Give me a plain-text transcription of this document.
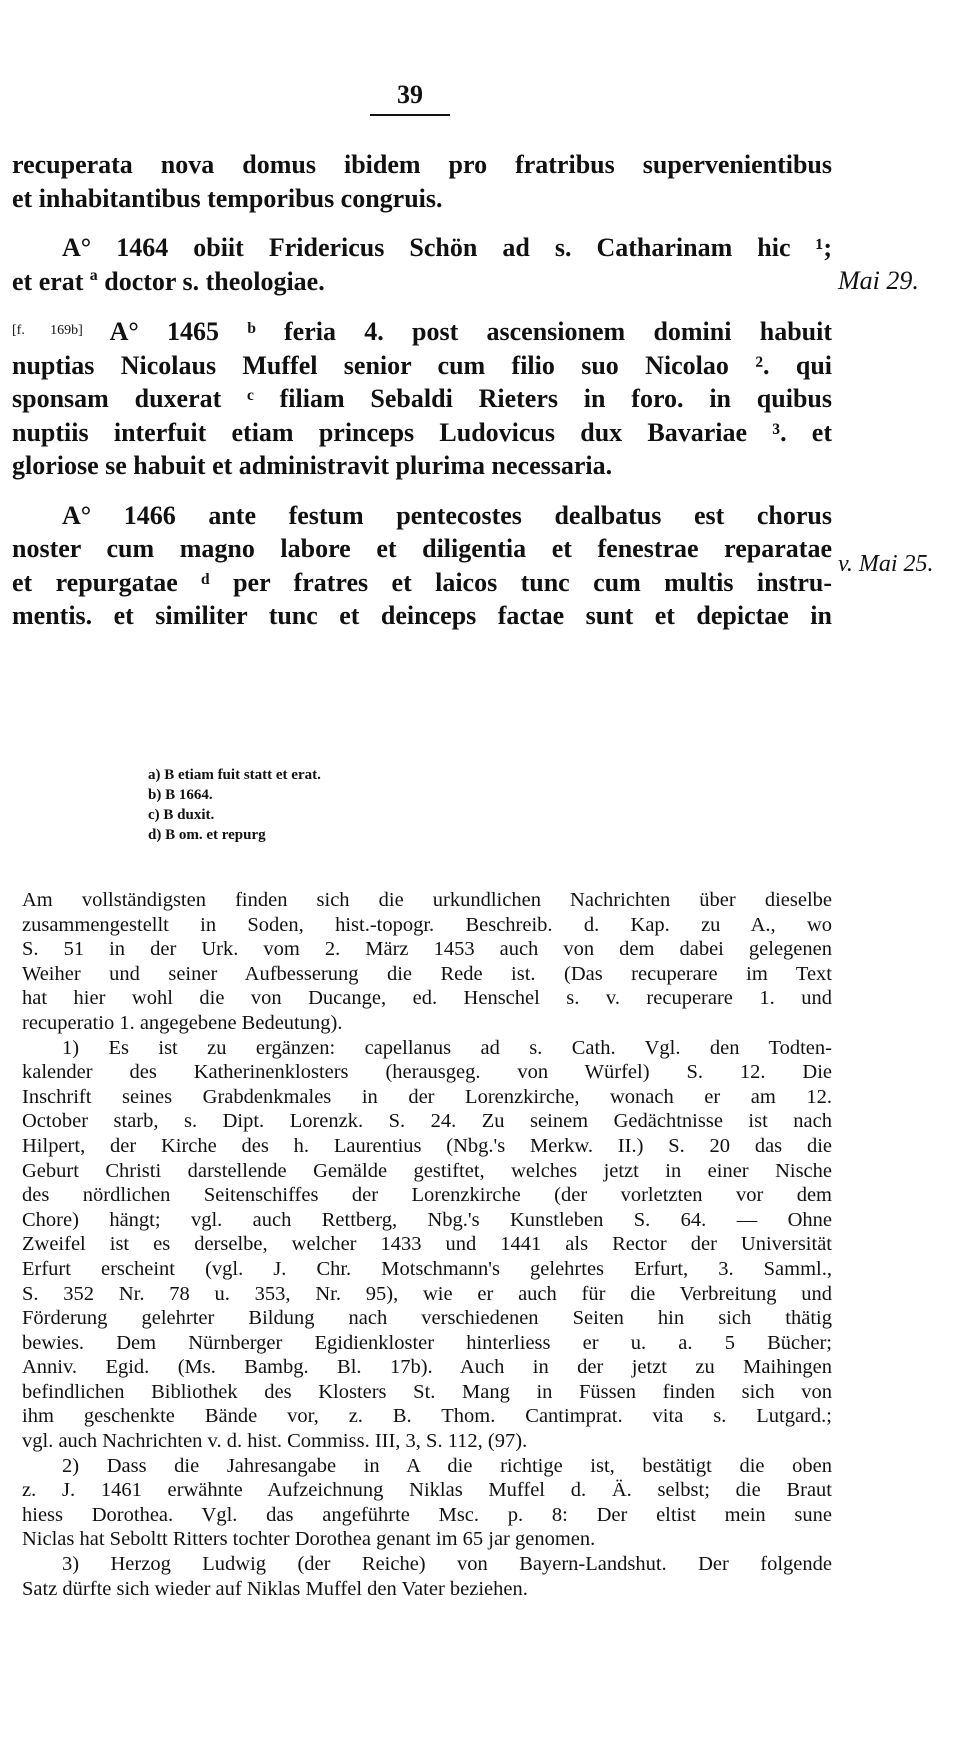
39
recuperata nova domus ibidem pro fratribus supervenientibus
et inhabitantibus temporibus congruis.
A° 1464 obiit Fridericus Schön ad s. Catharinam hic ¹;
et erat ª doctor s. theologiae.
[f. 169b] A° 1465 ᵇ feria 4. post ascensionem domini habuit
nuptias Nicolaus Muffel senior cum filio suo Nicolao ². qui
sponsam duxerat ᶜ filiam Sebaldi Rieters in foro. in quibus
nuptiis interfuit etiam princeps Ludovicus dux Bavariae ³. et
gloriose se habuit et administravit plurima necessaria.
A° 1466 ante festum pentecostes dealbatus est chorus
noster cum magno labore et diligentia et fenestrae reparatae
et repurgatae ᵈ per fratres et laicos tunc cum multis instru-
mentis. et similiter tunc et deinceps factae sunt et depictae in
Mai 29.
v. Mai 25.
a) B etiam fuit statt et erat.
b) B 1664.
c) B duxit.
d) B om. et repurg
Am vollständigsten finden sich die urkundlichen Nachrichten über dieselbe
zusammengestellt in Soden, hist.-topogr. Beschreib. d. Kap. zu A., wo
S. 51 in der Urk. vom 2. März 1453 auch von dem dabei gelegenen
Weiher und seiner Aufbesserung die Rede ist. (Das recuperare im Text
hat hier wohl die von Ducange, ed. Henschel s. v. recuperare 1. und
recuperatio 1. angegebene Bedeutung).
1) Es ist zu ergänzen: capellanus ad s. Cath. Vgl. den Todten-
kalender des Katherinenklosters (herausgeg. von Würfel) S. 12. Die
Inschrift seines Grabdenkmales in der Lorenzkirche, wonach er am 12.
October starb, s. Dipt. Lorenzk. S. 24. Zu seinem Gedächtnisse ist nach
Hilpert, der Kirche des h. Laurentius (Nbg.'s Merkw. II.) S. 20 das die
Geburt Christi darstellende Gemälde gestiftet, welches jetzt in einer Nische
des nördlichen Seitenschiffes der Lorenzkirche (der vorletzten vor dem
Chore) hängt; vgl. auch Rettberg, Nbg.'s Kunstleben S. 64. — Ohne
Zweifel ist es derselbe, welcher 1433 und 1441 als Rector der Universität
Erfurt erscheint (vgl. J. Chr. Motschmann's gelehrtes Erfurt, 3. Samml.,
S. 352 Nr. 78 u. 353, Nr. 95), wie er auch für die Verbreitung und
Förderung gelehrter Bildung nach verschiedenen Seiten hin sich thätig
bewies. Dem Nürnberger Egidienkloster hinterliess er u. a. 5 Bücher;
Anniv. Egid. (Ms. Bambg. Bl. 17b). Auch in der jetzt zu Maihingen
befindlichen Bibliothek des Klosters St. Mang in Füssen finden sich von
ihm geschenkte Bände vor, z. B. Thom. Cantimprat. vita s. Lutgard.;
vgl. auch Nachrichten v. d. hist. Commiss. III, 3, S. 112, (97).
2) Dass die Jahresangabe in A die richtige ist, bestätigt die oben
z. J. 1461 erwähnte Aufzeichnung Niklas Muffel d. Ä. selbst; die Braut
hiess Dorothea. Vgl. das angeführte Msc. p. 8: Der eltist mein sune
Niclas hat Seboltt Ritters tochter Dorothea genant im 65 jar genomen.
3) Herzog Ludwig (der Reiche) von Bayern-Landshut. Der folgende
Satz dürfte sich wieder auf Niklas Muffel den Vater beziehen.
